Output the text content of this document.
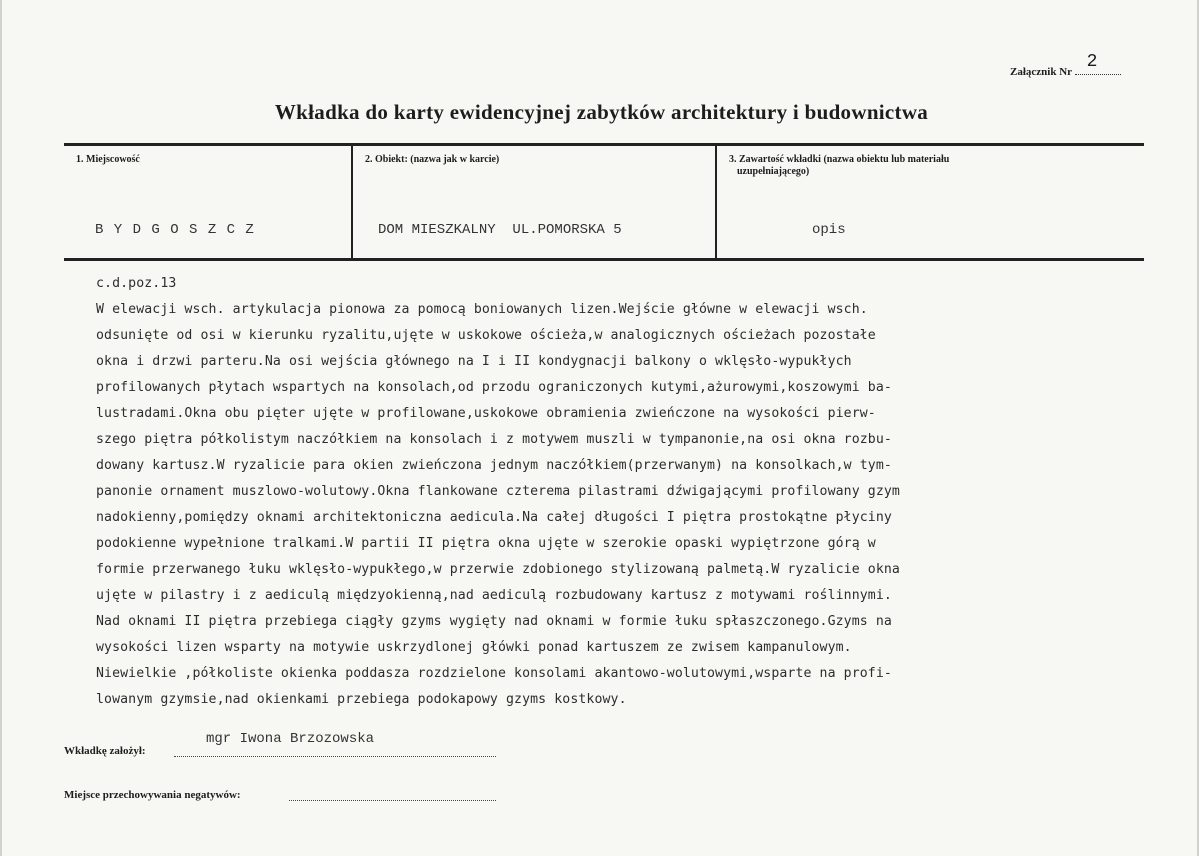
Załącznik Nr 2
Wkładka do karty ewidencyjnej zabytków architektury i budownictwa
1. Miejscowość	2. Obiekt: (nazwa jak w karcie)	3. Zawartość wkładki (nazwa obiektu lub materiału
uzupełniającego)
B Y D G O S Z C Z	DOM MIESZKALNY  UL.POMORSKA 5	opis
c.d.poz.13
W elewacji wsch. artykulacja pionowa za pomocą boniowanych lizen.Wejście główne w elewacji wsch.
odsunięte od osi w kierunku ryzalitu,ujęte w uskokowe ościeża,w analogicznych ościeżach pozostałe
okna i drzwi parteru.Na osi wejścia głównego na I i II kondygnacji balkony o wklęsło-wypukłych
profilowanych płytach wspartych na konsolach,od przodu ograniczonych kutymi,ażurowymi,koszowymi ba-
lustradami.Okna obu pięter ujęte w profilowane,uskokowe obramienia zwieńczone na wysokości pierw-
szego piętra półkolistym naczółkiem na konsolach i z motywem muszli w tympanonie,na osi okna rozbu-
dowany kartusz.W ryzalicie para okien zwieńczona jednym naczółkiem(przerwanym) na konsolkach,w tym-
panonie ornament muszlowo-wolutowy.Okna flankowane czterema pilastrami dźwigającymi profilowany gzym
nadokienny,pomiędzy oknami architektoniczna aedicula.Na całej długości I piętra prostokątne płyciny
podokienne wypełnione tralkami.W partii II piętra okna ujęte w szerokie opaski wypiętrzone górą w
formie przerwanego łuku wklęsło-wypukłego,w przerwie zdobionego stylizowaną palmetą.W ryzalicie okna
ujęte w pilastry i z aediculą międzyokienną,nad aediculą rozbudowany kartusz z motywami roślinnymi.
Nad oknami II piętra przebiega ciągły gzyms wygięty nad oknami w formie łuku spłaszczonego.Gzyms na
wysokości lizen wsparty na motywie uskrzydlonej główki ponad kartuszem ze zwisem kampanulowym.
Niewielkie ,półkoliste okienka poddasza rozdzielone konsolami akantowo-wolutowymi,wsparte na profi-
lowanym gzymsie,nad okienkami przebiega podokapowy gzyms kostkowy.
mgr Iwona Brzozowska
Wkładkę założył:
Miejsce przechowywania negatywów:
